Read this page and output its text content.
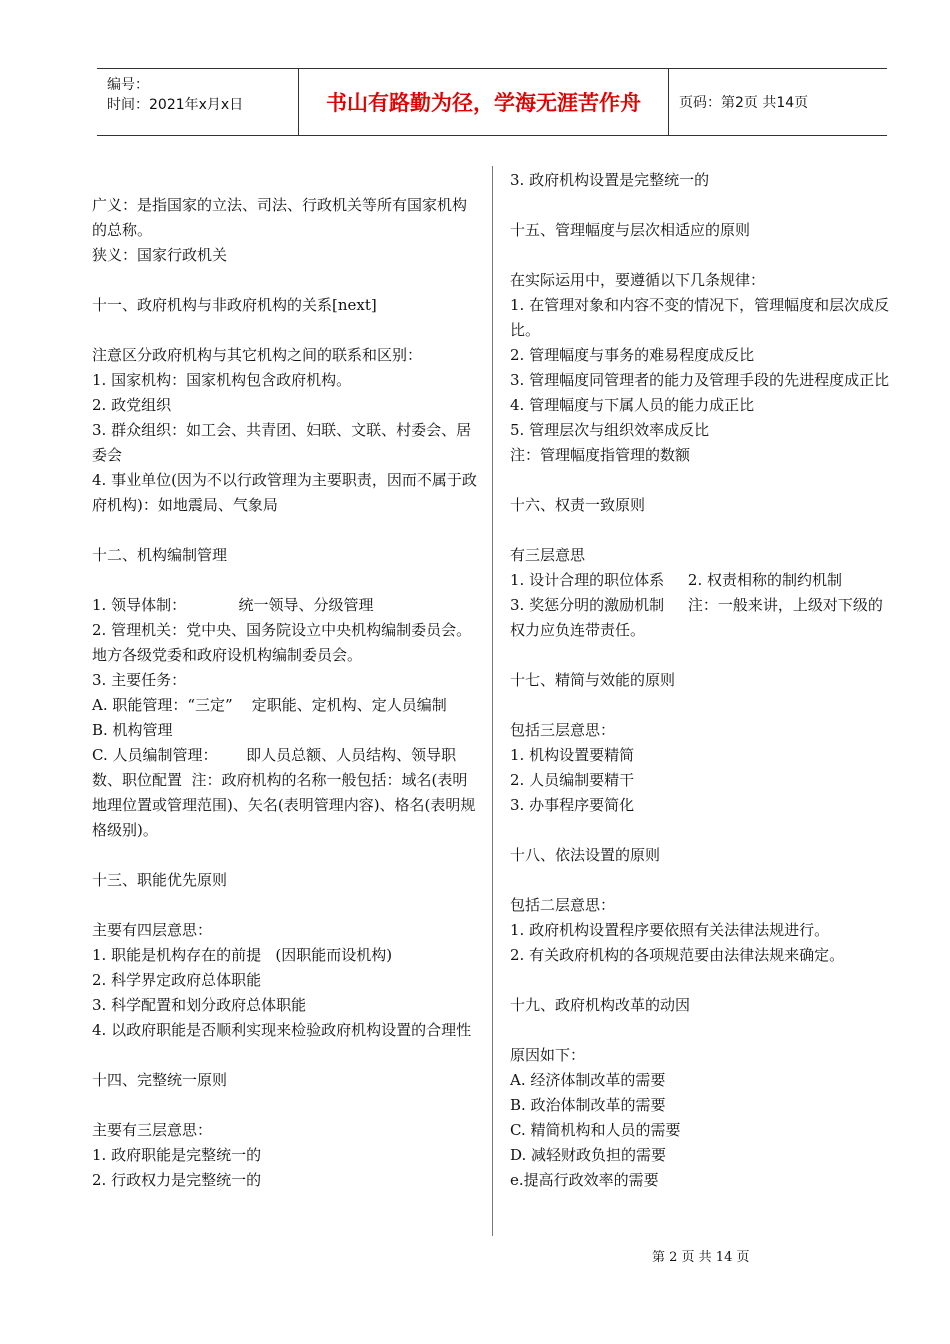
编号：
时间：2021年x月x日	书山有路勤为径，学海无涯苦作舟	页码：第2页 共14页

广义：是指国家的立法、司法、行政机关等所有国家机构的总称。

狭义：国家行政机关

十一、政府机构与非政府机构的关系[next]

注意区分政府机构与其它机构之间的联系和区别：

1. 国家机构：国家机构包含政府机构。

2. 政党组织

3. 群众组织：如工会、共青团、妇联、文联、村委会、居委会

4. 事业单位(因为不以行政管理为主要职责，因而不属于政府机构)：如地震局、气象局

十二、机构编制管理

1. 领导体制：           统一领导、分级管理

2. 管理机关：党中央、国务院设立中央机构编制委员会。 地方各级党委和政府设机构编制委员会。

3. 主要任务：

A. 职能管理：“三定”    定职能、定机构、定人员编制

B. 机构管理

C. 人员编制管理：      即人员总额、人员结构、领导职数、职位配置  注：政府机构的名称一般包括：域名(表明地理位置或管理范围)、矢名(表明管理内容)、格名(表明规格级别)。

十三、职能优先原则

主要有四层意思：

1. 职能是机构存在的前提   (因职能而设机构)

2. 科学界定政府总体职能

3. 科学配置和划分政府总体职能

4. 以政府职能是否顺利实现来检验政府机构设置的合理性

十四、完整统一原则

主要有三层意思：

1. 政府职能是完整统一的

2. 行政权力是完整统一的

3. 政府机构设置是完整统一的

十五、管理幅度与层次相适应的原则

在实际运用中，要遵循以下几条规律：

1. 在管理对象和内容不变的情况下，管理幅度和层次成反比。

2. 管理幅度与事务的难易程度成反比

3. 管理幅度同管理者的能力及管理手段的先进程度成正比

4. 管理幅度与下属人员的能力成正比

5. 管理层次与组织效率成反比

注：管理幅度指管理的数额

十六、权责一致原则

有三层意思

1. 设计合理的职位体系     2. 权责相称的制约机制

3. 奖惩分明的激励机制     注：一般来讲，上级对下级的权力应负连带责任。

十七、精简与效能的原则

包括三层意思：

1. 机构设置要精简

2. 人员编制要精干

3. 办事程序要简化

十八、依法设置的原则

包括二层意思：

1. 政府机构设置程序要依照有关法律法规进行。

2. 有关政府机构的各项规范要由法律法规来确定。

十九、政府机构改革的动因

原因如下：

A. 经济体制改革的需要

B. 政治体制改革的需要

C. 精简机构和人员的需要

D. 减轻财政负担的需要

e.提高行政效率的需要

第 2 页 共 14 页
